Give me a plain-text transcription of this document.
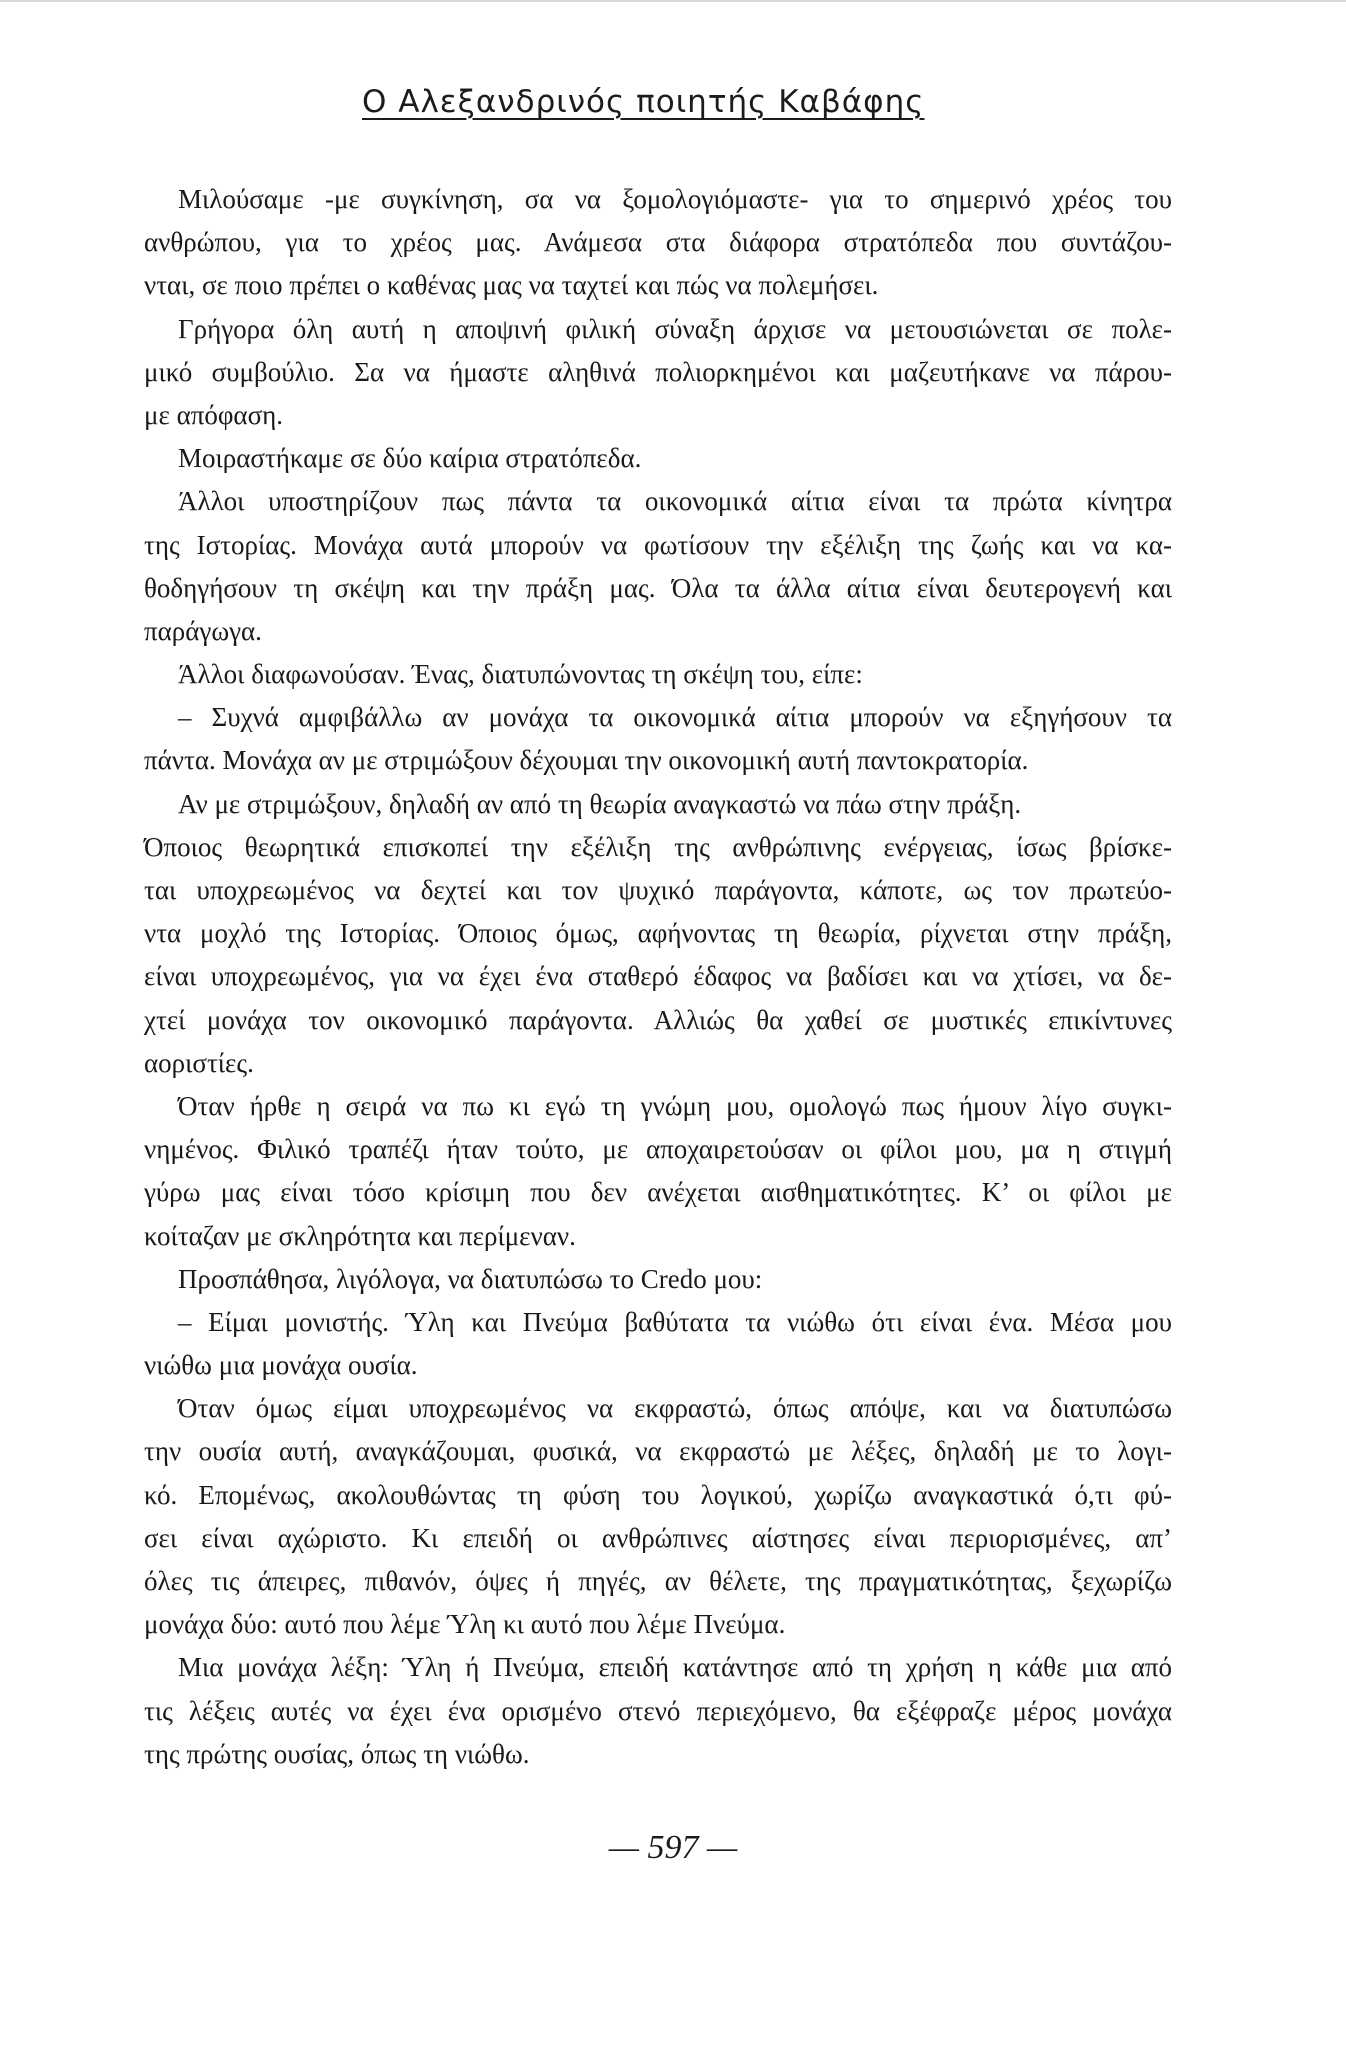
Ο Αλεξανδρινός ποιητής Καβάφης
Μιλούσαμε -με συγκίνηση, σα να ξομολογιόμαστε- για το σημερινό χρέος του
ανθρώπου, για το χρέος μας. Ανάμεσα στα διάφορα στρατόπεδα που συντάζου-
νται, σε ποιο πρέπει ο καθένας μας να ταχτεί και πώς να πολεμήσει.
Γρήγορα όλη αυτή η αποψινή φιλική σύναξη άρχισε να μετουσιώνεται σε πολε-
μικό συμβούλιο. Σα να ήμαστε αληθινά πολιορκημένοι και μαζευτήκανε να πάρου-
με απόφαση.
Μοιραστήκαμε σε δύο καίρια στρατόπεδα.
Άλλοι υποστηρίζουν πως πάντα τα οικονομικά αίτια είναι τα πρώτα κίνητρα
της Ιστορίας. Μονάχα αυτά μπορούν να φωτίσουν την εξέλιξη της ζωής και να κα-
θοδηγήσουν τη σκέψη και την πράξη μας. Όλα τα άλλα αίτια είναι δευτερογενή και
παράγωγα.
Άλλοι διαφωνούσαν. Ένας, διατυπώνοντας τη σκέψη του, είπε:
– Συχνά αμφιβάλλω αν μονάχα τα οικονομικά αίτια μπορούν να εξηγήσουν τα
πάντα. Μονάχα αν με στριμώξουν δέχουμαι την οικονομική αυτή παντοκρατορία.
Αν με στριμώξουν, δηλαδή αν από τη θεωρία αναγκαστώ να πάω στην πράξη.
Όποιος θεωρητικά επισκοπεί την εξέλιξη της ανθρώπινης ενέργειας, ίσως βρίσκε-
ται υποχρεωμένος να δεχτεί και τον ψυχικό παράγοντα, κάποτε, ως τον πρωτεύο-
ντα μοχλό της Ιστορίας. Όποιος όμως, αφήνοντας τη θεωρία, ρίχνεται στην πράξη,
είναι υποχρεωμένος, για να έχει ένα σταθερό έδαφος να βαδίσει και να χτίσει, να δε-
χτεί μονάχα τον οικονομικό παράγοντα. Αλλιώς θα χαθεί σε μυστικές επικίντυνες
αοριστίες.
Όταν ήρθε η σειρά να πω κι εγώ τη γνώμη μου, ομολογώ πως ήμουν λίγο συγκι-
νημένος. Φιλικό τραπέζι ήταν τούτο, με αποχαιρετούσαν οι φίλοι μου, μα η στιγμή
γύρω μας είναι τόσο κρίσιμη που δεν ανέχεται αισθηματικότητες. Κ’ οι φίλοι με
κοίταζαν με σκληρότητα και περίμεναν.
Προσπάθησα, λιγόλογα, να διατυπώσω το Credo μου:
– Είμαι μονιστής. Ύλη και Πνεύμα βαθύτατα τα νιώθω ότι είναι ένα. Μέσα μου
νιώθω μια μονάχα ουσία.
Όταν όμως είμαι υποχρεωμένος να εκφραστώ, όπως απόψε, και να διατυπώσω
την ουσία αυτή, αναγκάζουμαι, φυσικά, να εκφραστώ με λέξες, δηλαδή με το λογι-
κό. Επομένως, ακολουθώντας τη φύση του λογικού, χωρίζω αναγκαστικά ό,τι φύ-
σει είναι αχώριστο. Κι επειδή οι ανθρώπινες αίστησες είναι περιορισμένες, απ’
όλες τις άπειρες, πιθανόν, όψες ή πηγές, αν θέλετε, της πραγματικότητας, ξεχωρίζω
μονάχα δύο: αυτό που λέμε Ύλη κι αυτό που λέμε Πνεύμα.
Μια μονάχα λέξη: Ύλη ή Πνεύμα, επειδή κατάντησε από τη χρήση η κάθε μια από
τις λέξεις αυτές να έχει ένα ορισμένο στενό περιεχόμενο, θα εξέφραζε μέρος μονάχα
της πρώτης ουσίας, όπως τη νιώθω.
— 597 —
